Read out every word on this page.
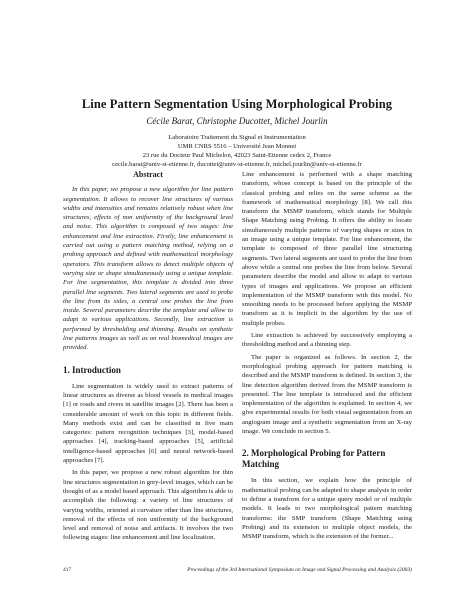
Line Pattern Segmentation Using Morphological Probing
Cécile Barat, Christophe Ducottet, Michel Jourlin
Laboratoire Traitement du Signal et Instrumentation
UMR CNRS 5516 – Université Jean Monnet
23 rue du Docteur Paul Michelon, 42023 Saint-Etienne cedex 2, France
cecile.barat@univ-st-etienne.fr, ducottet@univ-st-etienne.fr, michel.jourlin@univ-st-etienne.fr
Abstract

In this paper, we propose a new algorithm for line pattern segmentation. It allows to recover line structures of various widths and intensities and remains relatively robust when line structures, effects of non uniformity of the background level and noise. This algorithm is composed of two stages: line enhancement and line extraction. Firstly, line enhancement is carried out using a pattern matching method, relying on a probing approach and defined with mathematical morphology operators. This transform allows to detect multiple objects of varying size or shape simultaneously using a unique template. For line segmentation, this template is divided into three parallel line segments. Two lateral segments are used to probe the line from its sides, a central one probes the line from inside. Several parameters describe the template and allow to adapt to various applications. Secondly, line extraction is performed by thresholding and thinning. Results on synthetic line patterns images as well as on real biomedical images are provided.

1. Introduction

Line segmentation is widely used to extract patterns of linear structures as diverse as blood vessels in medical images [1] or roads and rivers in satellite images [2]. There has been a considerable amount of work on this topic in different fields. Many methods exist and can be classified in five main categories: pattern recognition techniques [3], model-based approaches [4], tracking-based approaches [5], artificial intelligence-based approaches [6] and neural network-based approaches [7].

In this paper, we propose a new robust algorithm for thin line structures segmentation in grey-level images, which can be thought of as a model based approach. This algorithm is able to accomplish the following: a variety of line structures of varying widths, oriented at curvature other than line structures, removal of the effects of non uniformity of the background level and removal of noise and artifacts. It involves the two following stages: line enhancement and line localization.

Line enhancement is performed with a shape matching transform, whose concept is based on the principle of the classical probing and relies on the same scheme as the framework of mathematical morphology [8]. We call this transform the MSMP transform, which stands for Multiple Shape Matching using Probing. It offers the ability to locate simultaneously multiple patterns of varying shapes or sizes in an image using a unique template. For line enhancement, the template is composed of three parallel line structuring segments. Two lateral segments are used to probe the line from above while a central one probes the line from below. Several parameters describe the model and allow to adapt to various types of images and applications. We propose an efficient implementation of the MSMP transform with this model. No smoothing needs to be processed before applying the MSMP transform as it is implicit in the algorithm by the use of multiple probes.

Line extraction is achieved by successively employing a thresholding method and a thinning step.

The paper is organized as follows. In section 2, the morphological probing approach for pattern matching is described and the MSMP transform is defined. In section 3, the line detection algorithm derived from the MSMP transform is presented. The line template is introduced and the efficient implementation of the algorithm is explained. In section 4, we give experimental results for both visual segmentation from an angiogram image and a synthetic segmentation from an X-ray image. We conclude in section 5.

2. Morphological Probing for Pattern Matching

In this section, we explain how the principle of mathematical probing can be adapted to shape analysis in order to define a transform for a unique query model or of multiple models. It leads to two morphological pattern matching transforms: the SMP transform (Shape Matching using Probing) and its extension to multiple object models, the MSMP transform, which is the extension of the former...

417	Proceedings of the 3rd International Symposium on Image and Signal Processing and Analysis (2003)
